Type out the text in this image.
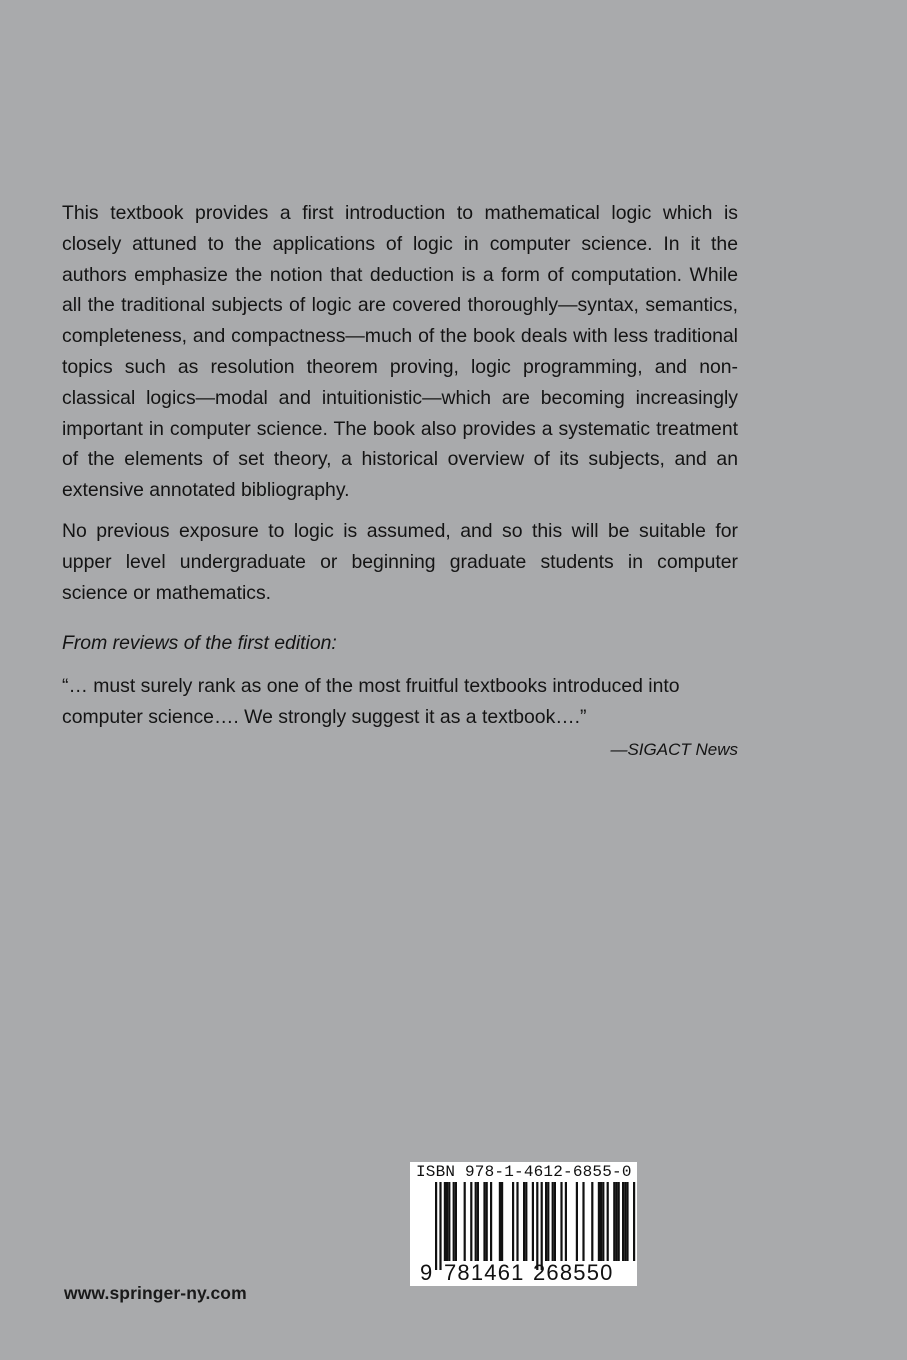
This textbook provides a first introduction to mathematical logic which is closely attuned to the applications of logic in computer science. In it the authors emphasize the notion that deduction is a form of computation. While all the traditional subjects of logic are covered thoroughly—syntax, semantics, completeness, and compactness—much of the book deals with less traditional topics such as resolution theorem proving, logic programming, and non-classical logics—modal and intuitionistic—which are becoming increasingly important in computer science. The book also provides a systematic treatment of the elements of set theory, a historical overview of its subjects, and an extensive annotated bibliography.

No previous exposure to logic is assumed, and so this will be suitable for upper level undergraduate or beginning graduate students in computer science or mathematics.

From reviews of the first edition:

“… must surely rank as one of the most fruitful textbooks introduced into computer science…. We strongly suggest it as a textbook….”

—SIGACT News
ISBN 978-1-4612-6855-0
9 781461 268550
www.springer-ny.com
